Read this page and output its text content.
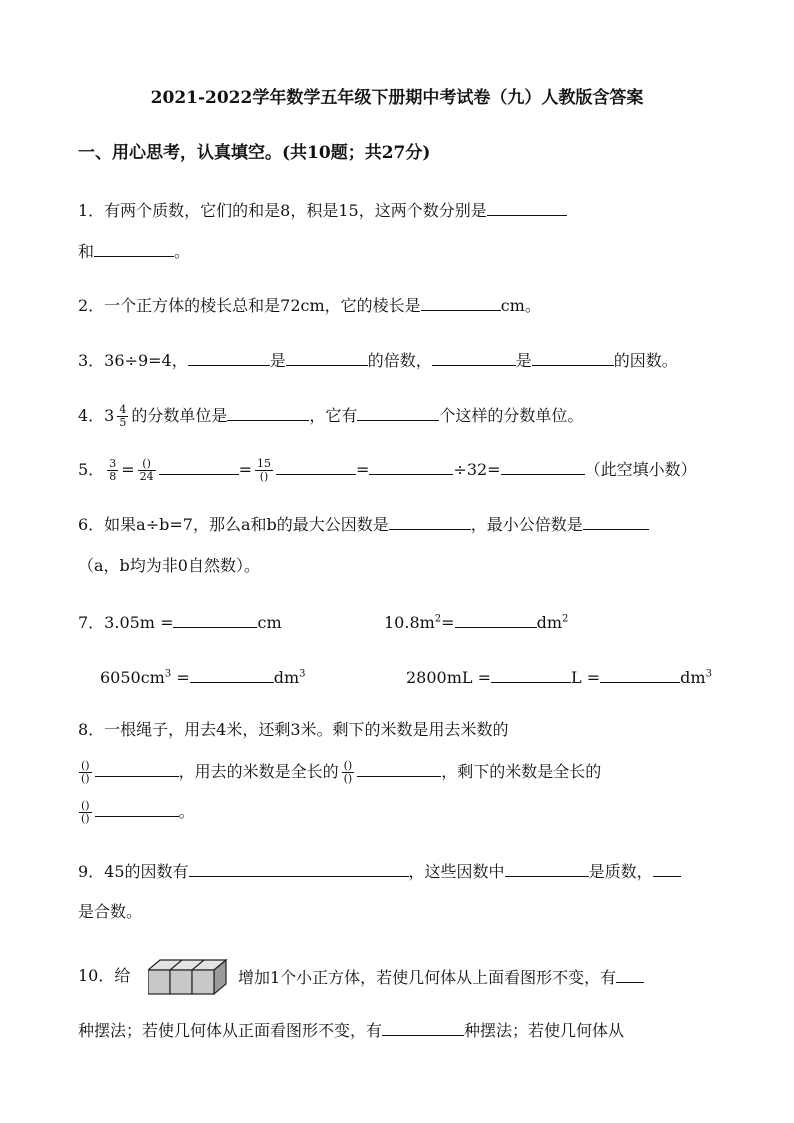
2021-2022学年数学五年级下册期中考试卷（九）人教版含答案
一、用心思考，认真填空。(共10题；共27分)
1．有两个质数，它们的和是8，积是15，这两个数分别是
和	。
2．一个正方体的棱长总和是72cm，它的棱长是	cm。
3．36÷9=4，	是	的倍数，	是	的因数。
4．$3 \frac{4}{5}$ 的分数单位是	，它有	个这样的分数单位。
5． $\frac{3}{8} = \frac{()}{24}$	= $\frac{15}{()}$	=	÷32=	（此空填小数）
6．如果a÷b=7，那么a和b的最大公因数是	，最小公倍数是
（a，b均为非0自然数）。
7．3.05m =	cm	$10.8m^2=$	$dm^2$
$6050cm^3$ =	$dm^3$	2800mL =	L =	$dm^3$
8．一根绳子，用去4米，还剩3米。剩下的米数是用去米数的
$\frac{()}{()}$	，用去的米数是全长的 $\frac{()}{()}$	，剩下的米数是全长的
$\frac{()}{()}$	。
9．45的因数有	，这些因数中	是质数，
是合数。
10．给	增加1个小正方体，若使几何体从上面看图形不变，有
种摆法；若使几何体从正面看图形不变，有	种摆法；若使几何体从
